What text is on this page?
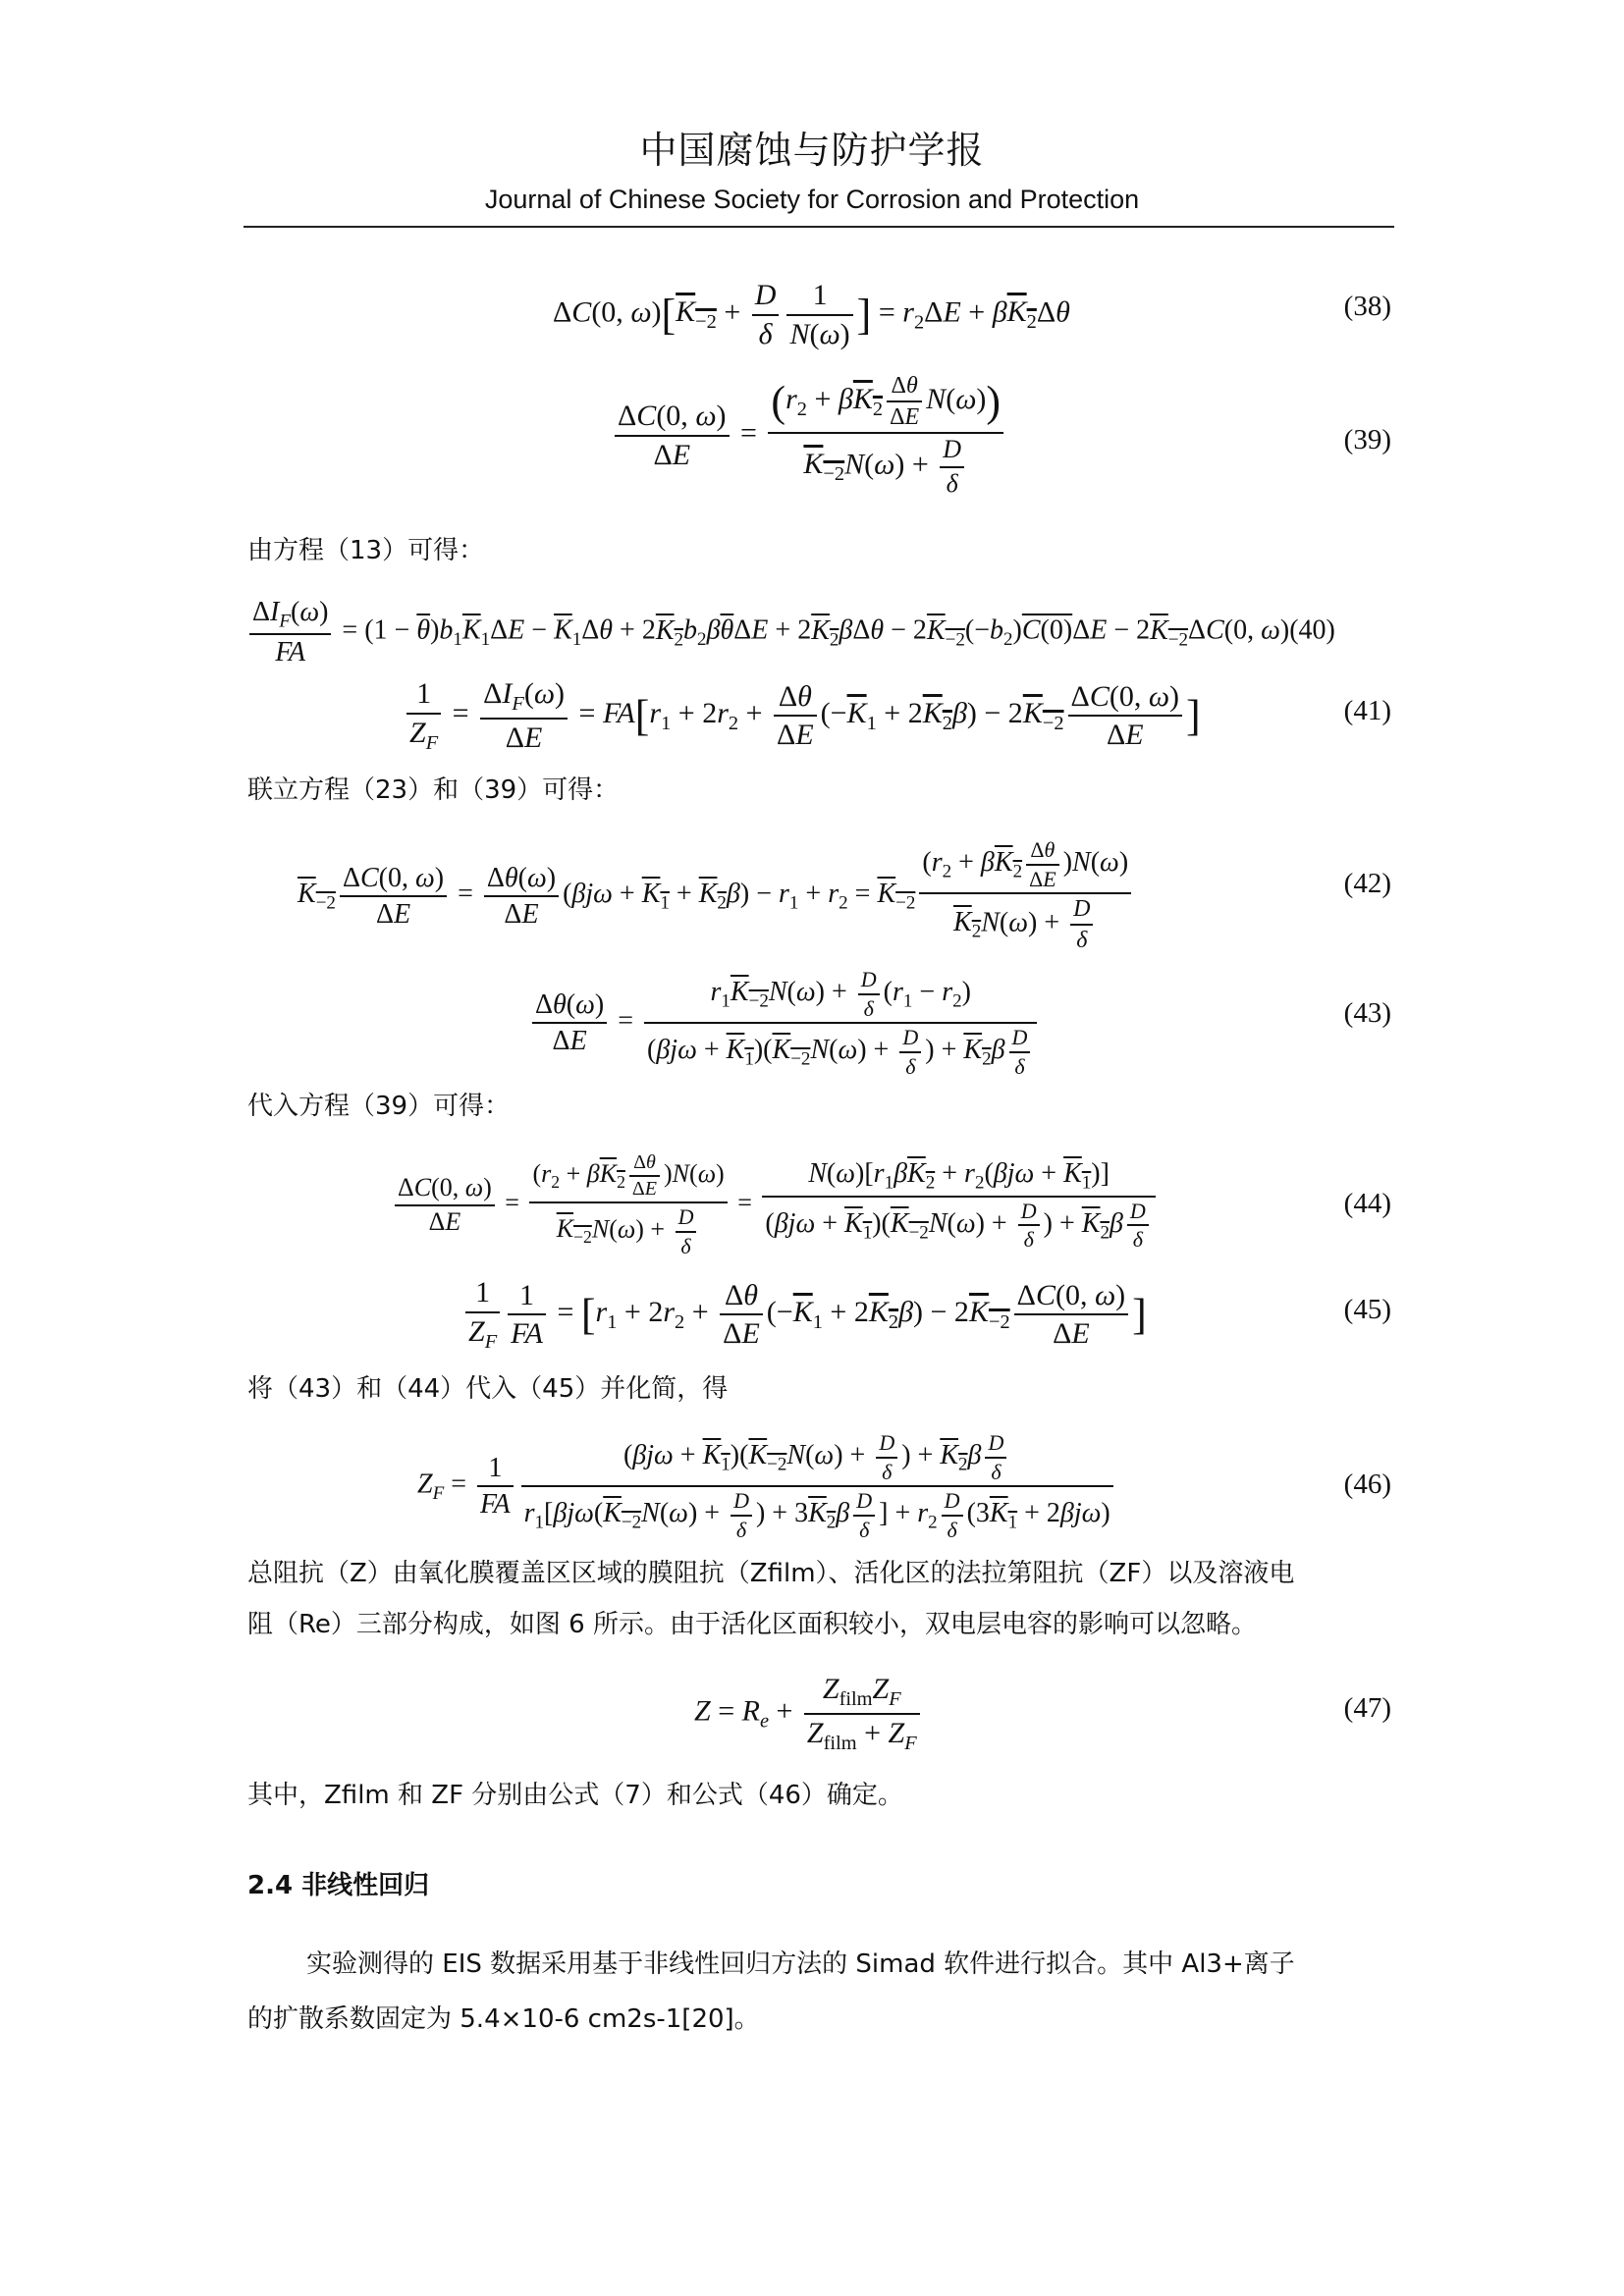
中国腐蚀与防护学报
Journal of Chinese Society for Corrosion and Protection
ΔC(0, $\omega)[K_{-2} + \frac{D}{\delta} \frac{1}{N(\omega)}$ ] = $r_2\Delta E + \beta K_2\Delta\theta$	(38)
$\frac{\Delta C(0, \omega)}{\Delta E} = \frac{(r_2 + \beta K_2 \frac{\Delta\theta}{\Delta E} N(\omega))}{K_{-2}N(\omega) + \frac{D}{\delta}}$	(39)
由方程（13）可得：
$\frac{\Delta I_F(\omega)}{FA} = (1 - \overline{\theta})b_1\overline{K}_1\Delta E - \overline{K}_1\Delta\theta + 2K_2b_2\beta\overline{\theta}\Delta E + 2K_2\beta\Delta\theta - 2K_{-2}(-b_2)C(0)\Delta E - 2K_{-2}\Delta C(0$, ω)(40)
$\frac{1}{Z_F} = \frac{\Delta I_F(\omega)}{\Delta E} = FA[r_1 + 2r_2 + \frac{\Delta\theta}{\Delta E} (-\overline{K}_1 + 2K_2\beta) - 2K_{-2} \frac{\Delta C(0, \omega)}{\Delta E}$ ]	(41)
联立方程（23）和（39）可得：
$K_{-2} \frac{\Delta C(0, \omega)}{\Delta E} = \frac{\Delta\theta(\omega)}{\Delta E} (\beta j\omega + K_1 + K_2\beta) - r_1 + r_2 = K_{-2} \frac{(r_2 + \beta K_2 \frac{\Delta\theta}{\Delta E} )N(\omega)}{K_2N(\omega) + \frac{D}{\delta}}$	(42)
$\frac{\Delta\theta(\omega)}{\Delta E} = \frac{r_1K_{-2}N(\omega) + \frac{D}{\delta} (r_1 - r_2)}{(\beta j\omega + K_1)(K_{-2}N(\omega) + \frac{D}{\delta} ) + K_2\beta \frac{D}{\delta}}$	(43)
代入方程（39）可得：
$\frac{\Delta C(0, \omega)}{\Delta E} = \frac{(r_2 + \beta K_2 \frac{\Delta\theta}{\Delta E} )N(\omega)}{K_{-2}N(\omega) + \frac{D}{\delta}} = \frac{N(\omega)[r_1\beta K_2 + r_2(\beta j\omega + K_1)]}{(\beta j\omega + K_1)(K_{-2}N(\omega) + \frac{D}{\delta} ) + K_2\beta \frac{D}{\delta}}$	(44)
$\frac{1}{Z_F} \frac{1}{FA} = [r_1 + 2r_2 + \frac{\Delta\theta}{\Delta E} (-\overline{K}_1 + 2K_2\beta) - 2K_{-2} \frac{\Delta C(0, \omega)}{\Delta E}$ ]	(45)
将（43）和（44）代入（45）并化简，得
$Z_F = \frac{1}{FA} \frac{(\beta j\omega + K_1)(K_{-2}N(\omega) + \frac{D}{\delta} ) + K_2\beta \frac{D}{\delta}}{r_1[\beta j\omega(K_{-2}N(\omega) + \frac{D}{\delta} ) + 3K_2\beta \frac{D}{\delta} ] + r_2 \frac{D}{\delta} (3K_1 + 2\beta j\omega)}$	(46)
总阻抗（Z）由氧化膜覆盖区区域的膜阻抗（Zfilm）、活化区的法拉第阻抗（ZF）以及溶液电
阻（Re）三部分构成，如图 6 所示。由于活化区面积较小，双电层电容的影响可以忽略。
$Z = R_e + \frac{Z_{film}Z_F}{Z_{film} + Z_F}$	(47)
其中，Zfilm 和 ZF 分别由公式（7）和公式（46）确定。
2.4 非线性回归
实验测得的 EIS 数据采用基于非线性回归方法的 Simad 软件进行拟合。其中 Al3+离子
的扩散系数固定为 5.4×10-6 cm2s-1[20]。
